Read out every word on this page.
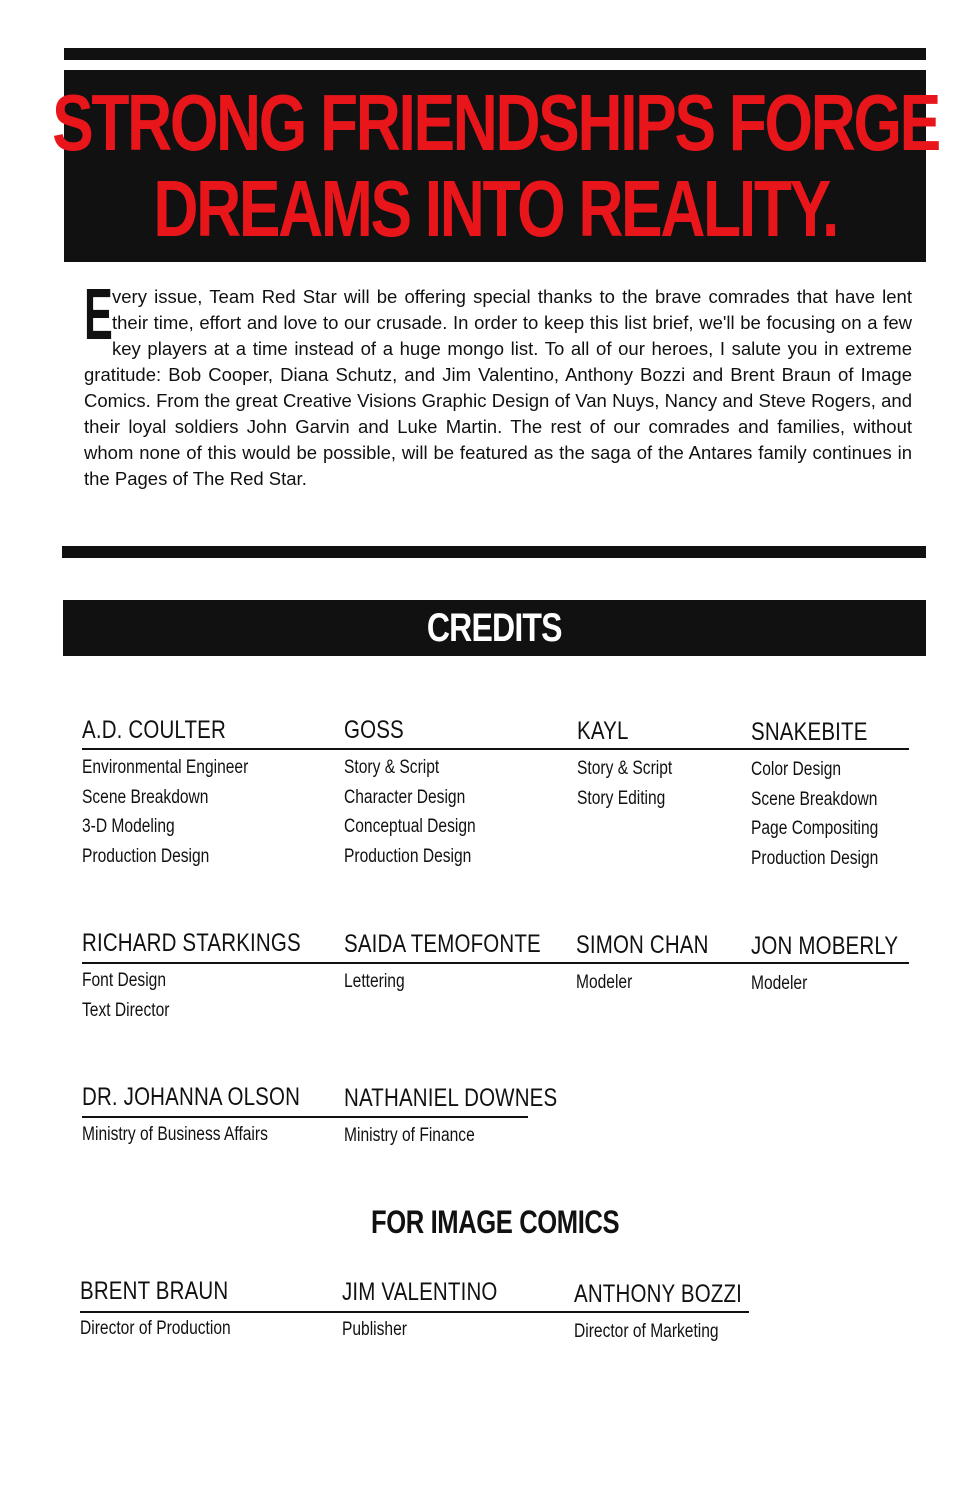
STRONG FRIENDSHIPS FORGE
DREAMS INTO REALITY.
Every issue, Team Red Star will be offering special thanks to the brave comrades that have lent their time, effort and love to our crusade. In order to keep this list brief, we'll be focusing on a few key players at a time instead of a huge mongo list. To all of our heroes, I salute you in extreme gratitude: Bob Cooper, Diana Schutz, and Jim Valentino, Anthony Bozzi and Brent Braun of Image Comics. From the great Creative Visions Graphic Design of Van Nuys, Nancy and Steve Rogers, and their loyal soldiers John Garvin and Luke Martin. The rest of our comrades and families, without whom none of this would be possible, will be featured as the saga of the Antares family continues in the Pages of The Red Star.
CREDITS
A.D. COULTER
Environmental Engineer
Scene Breakdown
3-D Modeling
Production Design
GOSS
Story & Script
Character Design
Conceptual Design
Production Design
KAYL
Story & Script
Story Editing
SNAKEBITE
Color Design
Scene Breakdown
Page Compositing
Production Design
RICHARD STARKINGS
Font Design
Text Director
SAIDA TEMOFONTE
Lettering
SIMON CHAN
Modeler
JON MOBERLY
Modeler
DR. JOHANNA OLSON
Ministry of Business Affairs
NATHANIEL DOWNES
Ministry of Finance
FOR IMAGE COMICS
BRENT BRAUN
Director of Production
JIM VALENTINO
Publisher
ANTHONY BOZZI
Director of Marketing
